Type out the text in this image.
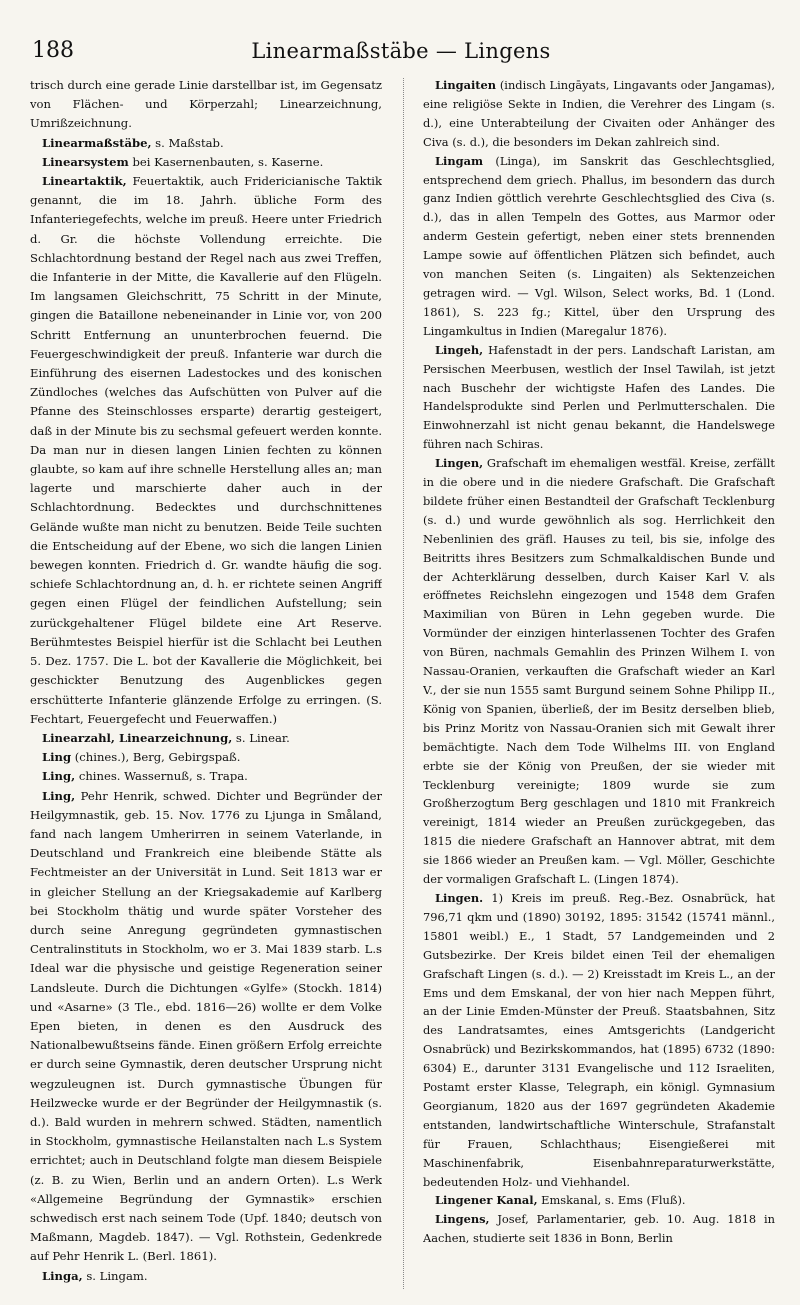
188	Linearmaßstäbe — Lingens

trisch durch eine gerade Linie darstellbar ist, im Gegensatz von Flächen- und Körperzahl; Linearzeichnung, Umrißzeichnung.

Linearmaßstäbe, s. Maßstab.

Linearsystem bei Kasernenbauten, s. Kaserne.

Lineartaktik, Feuertaktik, auch Fridericianische Taktik genannt, die im 18. Jahrh. übliche Form des Infanteriegefechts, welche im preuß. Heere unter Friedrich d. Gr. die höchste Vollendung erreichte. Die Schlachtordnung bestand der Regel nach aus zwei Treffen, die Infanterie in der Mitte, die Kavallerie auf den Flügeln. Im langsamen Gleichschritt, 75 Schritt in der Minute, gingen die Bataillone nebeneinander in Linie vor, von 200 Schritt Entfernung an ununterbrochen feuernd. Die Feuergeschwindigkeit der preuß. Infanterie war durch die Einführung des eisernen Ladestockes und des konischen Zündloches (welches das Aufschütten von Pulver auf die Pfanne des Steinschlosses ersparte) derartig gesteigert, daß in der Minute bis zu sechsmal gefeuert werden konnte. Da man nur in diesen langen Linien fechten zu können glaubte, so kam auf ihre schnelle Herstellung alles an; man lagerte und marschierte daher auch in der Schlachtordnung. Bedecktes und durchschnittenes Gelände wußte man nicht zu benutzen. Beide Teile suchten die Entscheidung auf der Ebene, wo sich die langen Linien bewegen konnten. Friedrich d. Gr. wandte häufig die sog. schiefe Schlachtordnung an, d. h. er richtete seinen Angriff gegen einen Flügel der feindlichen Aufstellung; sein zurückgehaltener Flügel bildete eine Art Reserve. Berühmtestes Beispiel hierfür ist die Schlacht bei Leuthen 5. Dez. 1757. Die L. bot der Kavallerie die Möglichkeit, bei geschickter Benutzung des Augenblickes gegen erschütterte Infanterie glänzende Erfolge zu erringen. (S. Fechtart, Feuergefecht und Feuerwaffen.)

Linearzahl, Linearzeichnung, s. Linear.

Ling (chines.), Berg, Gebirgspaß.

Ling, chines. Wassernuß, s. Trapa.

Ling, Pehr Henrik, schwed. Dichter und Begründer der Heilgymnastik, geb. 15. Nov. 1776 zu Ljunga in Småland, fand nach langem Umherirren in seinem Vaterlande, in Deutschland und Frankreich eine bleibende Stätte als Fechtmeister an der Universität in Lund. Seit 1813 war er in gleicher Stellung an der Kriegsakademie auf Karlberg bei Stockholm thätig und wurde später Vorsteher des durch seine Anregung gegründeten gymnastischen Centralinstituts in Stockholm, wo er 3. Mai 1839 starb. L.s Ideal war die physische und geistige Regeneration seiner Landsleute. Durch die Dichtungen «Gylfe» (Stockh. 1814) und «Asarne» (3 Tle., ebd. 1816—26) wollte er dem Volke Epen bieten, in denen es den Ausdruck des Nationalbewußtseins fände. Einen größern Erfolg erreichte er durch seine Gymnastik, deren deutscher Ursprung nicht wegzuleugnen ist. Durch gymnastische Übungen für Heilzwecke wurde er der Begründer der Heilgymnastik (s. d.). Bald wurden in mehrern schwed. Städten, namentlich in Stockholm, gymnastische Heilanstalten nach L.s System errichtet; auch in Deutschland folgte man diesem Beispiele (z. B. zu Wien, Berlin und an andern Orten). L.s Werk «Allgemeine Begründung der Gymnastik» erschien schwedisch erst nach seinem Tode (Upf. 1840; deutsch von Maßmann, Magdeb. 1847). — Vgl. Rothstein, Gedenkrede auf Pehr Henrik L. (Berl. 1861).

Linga, s. Lingam.

Lingaiten (indisch Lingāyats, Lingavants oder Jangamas), eine religiöse Sekte in Indien, die Verehrer des Lingam (s. d.), eine Unterabteilung der Civaiten oder Anhänger des Civa (s. d.), die besonders im Dekan zahlreich sind.

Lingam (Linga), im Sanskrit das Geschlechtsglied, entsprechend dem griech. Phallus, im besondern das durch ganz Indien göttlich verehrte Geschlechtsglied des Civa (s. d.), das in allen Tempeln des Gottes, aus Marmor oder anderm Gestein gefertigt, neben einer stets brennenden Lampe sowie auf öffentlichen Plätzen sich befindet, auch von manchen Seiten (s. Lingaiten) als Sektenzeichen getragen wird. — Vgl. Wilson, Select works, Bd. 1 (Lond. 1861), S. 223 fg.; Kittel, über den Ursprung des Lingamkultus in Indien (Maregalur 1876).

Lingeh, Hafenstadt in der pers. Landschaft Laristan, am Persischen Meerbusen, westlich der Insel Tawilah, ist jetzt nach Buschehr der wichtigste Hafen des Landes. Die Handelsprodukte sind Perlen und Perlmutterschalen. Die Einwohnerzahl ist nicht genau bekannt, die Handelswege führen nach Schiras.

Lingen, Grafschaft im ehemaligen westfäl. Kreise, zerfällt in die obere und in die niedere Grafschaft. Die Grafschaft bildete früher einen Bestandteil der Grafschaft Tecklenburg (s. d.) und wurde gewöhnlich als sog. Herrlichkeit den Nebenlinien des gräfl. Hauses zu teil, bis sie, infolge des Beitritts ihres Besitzers zum Schmalkaldischen Bunde und der Achterklärung desselben, durch Kaiser Karl V. als eröffnetes Reichslehn eingezogen und 1548 dem Grafen Maximilian von Büren in Lehn gegeben wurde. Die Vormünder der einzigen hinterlassenen Tochter des Grafen von Büren, nachmals Gemahlin des Prinzen Wilhem I. von Nassau-Oranien, verkauften die Grafschaft wieder an Karl V., der sie nun 1555 samt Burgund seinem Sohne Philipp II., König von Spanien, überließ, der im Besitz derselben blieb, bis Prinz Moritz von Nassau-Oranien sich mit Gewalt ihrer bemächtigte. Nach dem Tode Wilhelms III. von England erbte sie der König von Preußen, der sie wieder mit Tecklenburg vereinigte; 1809 wurde sie zum Großherzogtum Berg geschlagen und 1810 mit Frankreich vereinigt, 1814 wieder an Preußen zurückgegeben, das 1815 die niedere Grafschaft an Hannover abtrat, mit dem sie 1866 wieder an Preußen kam. — Vgl. Möller, Geschichte der vormaligen Grafschaft L. (Lingen 1874).

Lingen. 1) Kreis im preuß. Reg.-Bez. Osnabrück, hat 796,71 qkm und (1890) 30192, 1895: 31542 (15741 männl., 15801 weibl.) E., 1 Stadt, 57 Landgemeinden und 2 Gutsbezirke. Der Kreis bildet einen Teil der ehemaligen Grafschaft Lingen (s. d.). — 2) Kreisstadt im Kreis L., an der Ems und dem Emskanal, der von hier nach Meppen führt, an der Linie Emden-Münster der Preuß. Staatsbahnen, Sitz des Landratsamtes, eines Amtsgerichts (Landgericht Osnabrück) und Bezirkskommandos, hat (1895) 6732 (1890: 6304) E., darunter 3131 Evangelische und 112 Israeliten, Postamt erster Klasse, Telegraph, ein königl. Gymnasium Georgianum, 1820 aus der 1697 gegründeten Akademie entstanden, landwirtschaftliche Winterschule, Strafanstalt für Frauen, Schlachthaus; Eisengießerei mit Maschinenfabrik, Eisenbahnreparaturwerkstätte, bedeutenden Holz- und Viehhandel.

Lingener Kanal, Emskanal, s. Ems (Fluß).

Lingens, Josef, Parlamentarier, geb. 10. Aug. 1818 in Aachen, studierte seit 1836 in Bonn, Berlin
